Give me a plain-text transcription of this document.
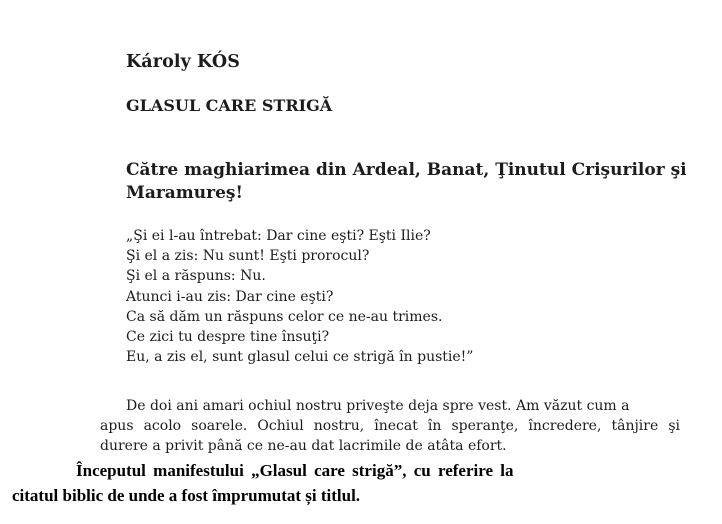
Károly KÓS
GLASUL CARE STRIGĂ
Către maghiarimea din Ardeal, Banat, Ţinutul Crişurilor şi
Maramureş!
„Şi ei l-au întrebat: Dar cine eşti? Eşti Ilie?
Şi el a zis: Nu sunt! Eşti prorocul?
Şi el a răspuns: Nu.
Atunci i-au zis: Dar cine eşti?
Ca să dăm un răspuns celor ce ne-au trimes.
Ce zici tu despre tine însuţi?
Eu, a zis el, sunt glasul celui ce strigă în pustie!”
De doi ani amari ochiul nostru priveşte deja spre vest. Am văzut cum a
apus acolo soarele. Ochiul nostru, înecat în speranţe, încredere, tânjire şi
durere a privit până ce ne-au dat lacrimile de atâta efort.
Începutul manifestului „Glasul care strigă”, cu referire la
citatul biblic de unde a fost împrumutat și titlul.
